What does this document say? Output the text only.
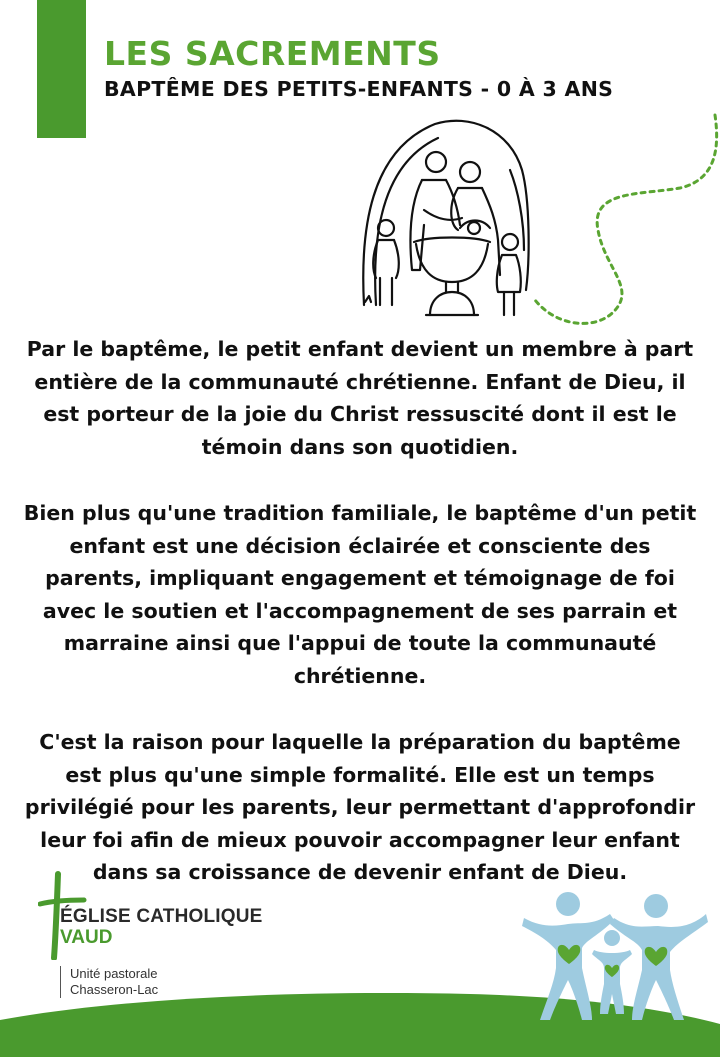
LES SACREMENTS
BAPTÊME DES PETITS-ENFANTS - 0 À 3 ANS

Par le baptême, le petit enfant devient un membre à part entière de la communauté chrétienne. Enfant de Dieu, il est porteur de la joie du Christ ressuscité dont il est le témoin dans son quotidien.

Bien plus qu'une tradition familiale, le baptême d'un petit enfant est une décision éclairée et consciente des parents, impliquant engagement et témoignage de foi avec le soutien et l'accompagnement de ses parrain et marraine ainsi que l'appui de toute la communauté chrétienne.

C'est la raison pour laquelle la préparation du baptême est plus qu'une simple formalité. Elle est un temps privilégié pour les parents, leur permettant d'approfondir leur foi afin de mieux pouvoir accompagner leur enfant dans sa croissance de devenir enfant de Dieu.

ÉGLISE CATHOLIQUE
VAUD
Unité pastorale
Chasseron-Lac
